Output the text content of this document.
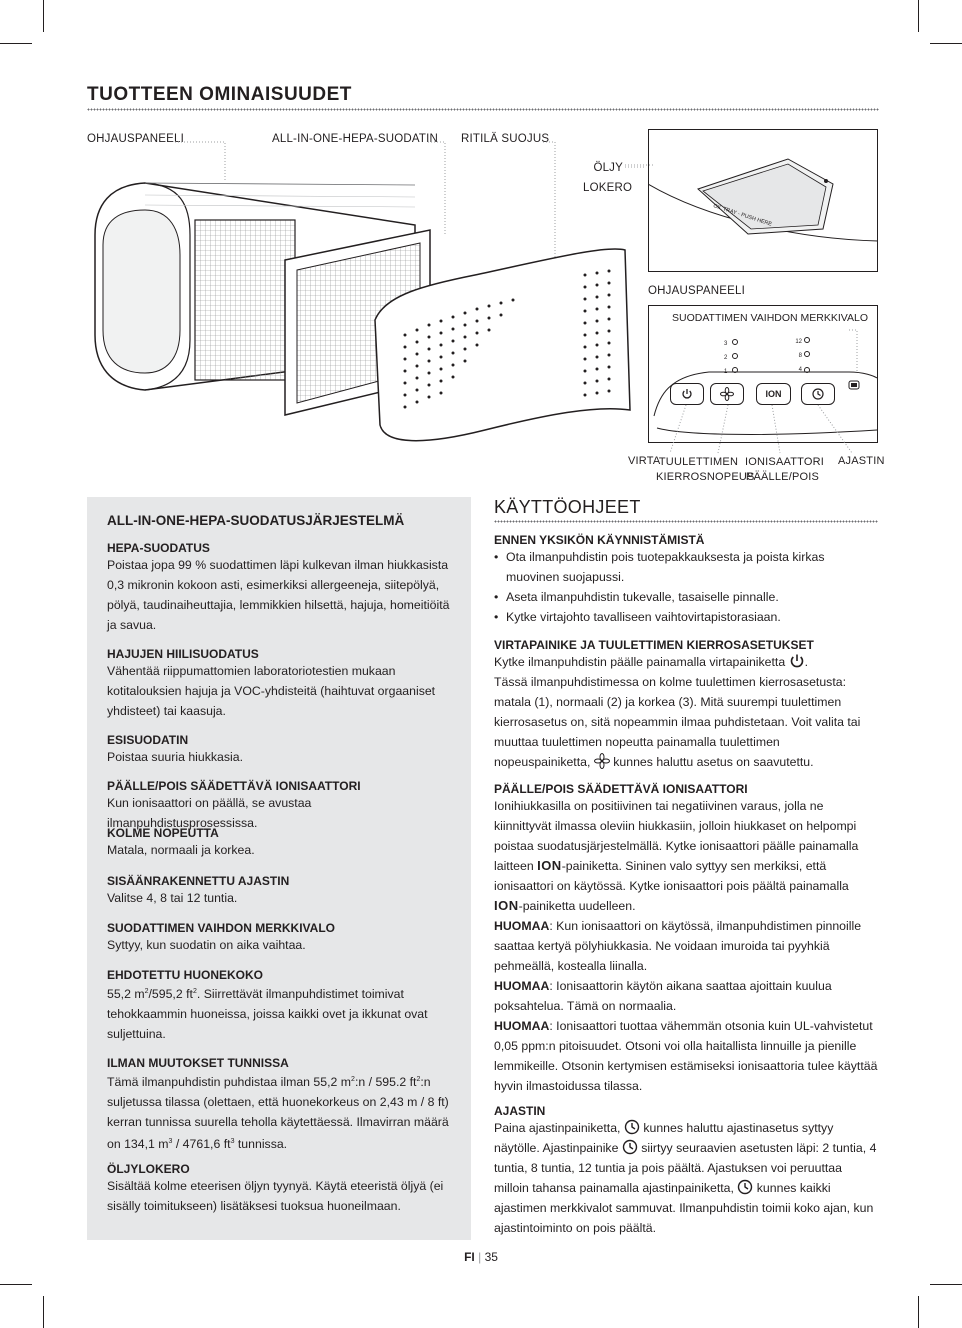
TUOTTEEN OMINAISUUDET
OHJAUSPANEELI	ALL-IN-ONE-HEPA-SUODATIN RITILÄ SUOJUS
ÖLJY
LOKERO
OHJAUSPANEELI
OIL TRAY - PUSH HERE
SUODATTIMEN VAIHDON MERKKIVALO
3
2
1
12
8
4
ION
VIRTA
TUULETTIMEN
KIERROSNOPEUS
IONISAATTORI
PÄÄLLE/POIS
AJASTIN
ALL-IN-ONE-HEPA-SUODATUSJÄRJESTELMÄ

HEPA-SUODATUS

Poistaa jopa 99 % suodattimen läpi kulkevan ilman hiukkasista 0,3 mikronin kokoon asti, esimerkiksi allergeeneja, siitepölyä, pölyä, taudinaiheuttajia, lemmikkien hilsettä, hajuja, homeitiöitä ja savua.

HAJUJEN HIILISUODATUS

Vähentää riippumattomien laboratoriotestien mukaan kotitalouksien hajuja ja VOC-yhdisteitä (haihtuvat orgaaniset yhdisteet) tai kaasuja.

ESISUODATIN

Poistaa suuria hiukkasia.

PÄÄLLE/POIS SÄÄDETTÄVÄ IONISAATTORI

Kun ionisaattori on päällä, se avustaa ilmanpuhdistusprosessissa.

KOLME NOPEUTTA

Matala, normaali ja korkea.

SISÄÄNRAKENNETTU AJASTIN

Valitse 4, 8 tai 12 tuntia.

SUODATTIMEN VAIHDON MERKKIVALO

Syttyy, kun suodatin on aika vaihtaa.

EHDOTETTU HUONEKOKO

55,2 $m^2/595,2$ $ft^2$. Siirrettävät ilmanpuhdistimet toimivat tehokkaammin huoneissa, joissa kaikki ovet ja ikkunat ovat suljettuina.

ILMAN MUUTOKSET TUNNISSA

Tämä ilmanpuhdistin puhdistaa ilman 55,2 $m^2:n / 595.2$ $ft^2:n$ suljetussa tilassa (olettaen, että huonekorkeus on 2,43 m / 8 ft) kerran tunnissa suurella teholla käytettäessä. Ilmavirran määrä on 134,1 $m^3 / 4761,6$ $ft^3$ tunnissa.

ÖLJYLOKERO

Sisältää kolme eteerisen öljyn tyynyä. Käytä eteeristä öljyä (ei sisälly toimitukseen) lisätäksesi tuoksua huoneilmaan.

KÄYTTÖOHJEET

ENNEN YKSIKÖN KÄYNNISTÄMISTÄ

• Ota ilmanpuhdistin pois tuotepakkauksesta ja poista kirkas muovinen suojapussi.
• Aseta ilmanpuhdistin tukevalle, tasaiselle pinnalle.
• Kytke virtajohto tavalliseen vaihtovirtapistorasiaan.

VIRTAPAINIKE JA TUULETTIMEN KIERROSASETUKSET

Kytke ilmanpuhdistin päälle painamalla virtapainiketta .
Tässä ilmanpuhdistimessa on kolme tuulettimen kierrosasetusta: matala (1), normaali (2) ja korkea (3). Mitä suurempi tuulettimen kierrosasetus on, sitä nopeammin ilmaa puhdistetaan. Voit valita tai muuttaa tuulettimen nopeutta painamalla tuulettimen nopeuspainiketta, kunnes haluttu asetus on saavutettu.

PÄÄLLE/POIS SÄÄDETTÄVÄ IONISAATTORI

Ionihiukkasilla on positiivinen tai negatiivinen varaus, jolla ne kiinnittyvät ilmassa oleviin hiukkasiin, jolloin hiukkaset on helpompi poistaa suodatusjärjestelmällä. Kytke ionisaattori päälle painamalla laitteen ION-painiketta. Sininen valo syttyy sen merkiksi, että ionisaattori on käytössä. Kytke ionisaattori pois päältä painamalla
ION-painiketta uudelleen.

HUOMAA: Kun ionisaattori on käytössä, ilmanpuhdistimen pinnoille saattaa kertyä pölyhiukkasia. Ne voidaan imuroida tai pyyhkiä pehmeällä, kostealla liinalla.

HUOMAA: Ionisaattorin käytön aikana saattaa ajoittain kuulua poksahtelua. Tämä on normaalia.

HUOMAA: Ionisaattori tuottaa vähemmän otsonia kuin UL-vahvistetut 0,05 ppm:n pitoisuudet. Otsoni voi olla haitallista linnuille ja pienille lemmikeille. Otsonin kertymisen estämiseksi ionisaattoria tulee käyttää hyvin ilmastoidussa tilassa.

AJASTIN

Paina ajastinpainiketta, kunnes haluttu ajastinasetus syttyy näytölle. Ajastinpainike siirtyy seuraavien asetusten läpi: 2 tuntia, 4 tuntia, 8 tuntia, 12 tuntia ja pois päältä. Ajastuksen voi peruuttaa milloin tahansa painamalla ajastinpainiketta, kunnes kaikki ajastimen merkkivalot sammuvat. Ilmanpuhdistin toimii koko ajan, kun ajastintoiminto on pois päältä.

FI | 35
